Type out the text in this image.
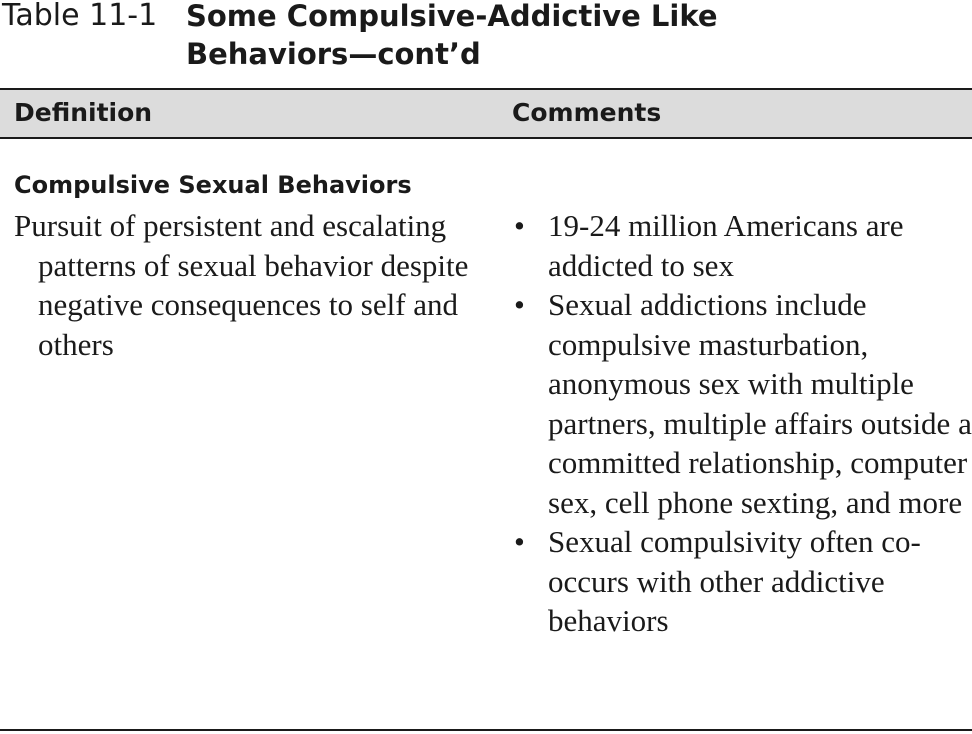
Table 11-1 Some Compulsive-Addictive Like Behaviors—cont’d
Definition	Comments
Compulsive Sexual Behaviors
Pursuit of persistent and escalating patterns of sexual behavior despite negative consequences to self and others
• 19-24 million Americans are addicted to sex
• Sexual addictions include compulsive masturbation, anonymous sex with multiple partners, multiple affairs outside a committed relationship, computer sex, cell phone sexting, and more
• Sexual compulsivity often co-occurs with other addictive behaviors
